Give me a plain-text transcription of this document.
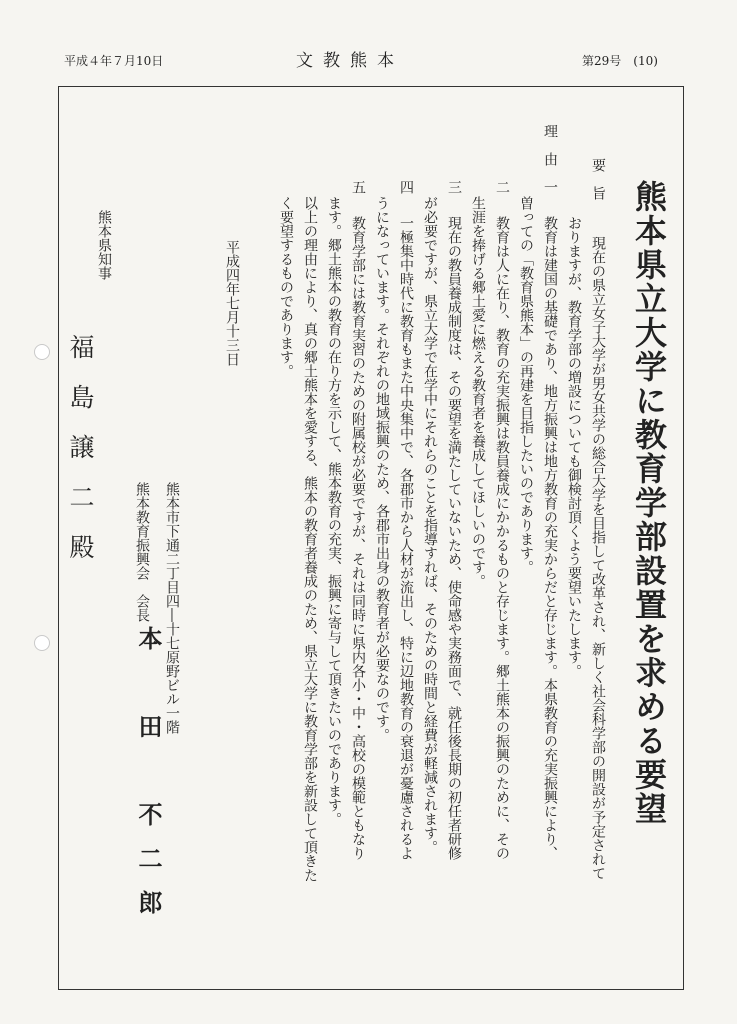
平成４年７月10日	文教熊本	第29号　(10)
熊本県立大学に教育学部設置を求める要望
要　旨
現在の県立女子大学が男女共学の総合大学を目指して改革され、新しく社会科学部の開設が予定されて
おりますが、教育学部の増設についても御検討頂くよう要望いたします。
理　由
一
教育は建国の基礎であり、地方振興は地方教育の充実からだと存じます。本県教育の充実振興により、
曽っての「教育県熊本」の再建を目指したいのであります。
二
教育は人に在り、教育の充実振興は教員養成にかかるものと存じます。郷土熊本の振興のために、その
生涯を捧げる郷土愛に燃える教育者を養成してほしいのです。
三
現在の教員養成制度は、その要望を満たしていないため、使命感や実務面で、就任後長期の初任者研修
が必要ですが、県立大学で在学中にそれらのことを指導すれば、そのための時間と経費が軽減されます。
四
一極集中時代に教育もまた中央集中で、各郡市から人材が流出し、特に辺地教育の衰退が憂慮されるよ
うになっています。それぞれの地域振興のため、各郡市出身の教育者が必要なのです。
五
教育学部には教育実習のための附属校が必要ですが、それは同時に県内各小・中・高校の模範ともなり
ます。郷土熊本の教育の在り方を示して、熊本教育の充実、振興に寄与して頂きたいのであります。
以上の理由により、真の郷土熊本を愛する、熊本の教育者養成のため、県立大学に教育学部を新設して頂きた
く要望するものであります。
平成四年七月十三日
熊本市下通二丁目四―十七原野ビル一階
熊本教育振興会　会長
本　田　不二郎
熊本県知事
福島譲二殿
